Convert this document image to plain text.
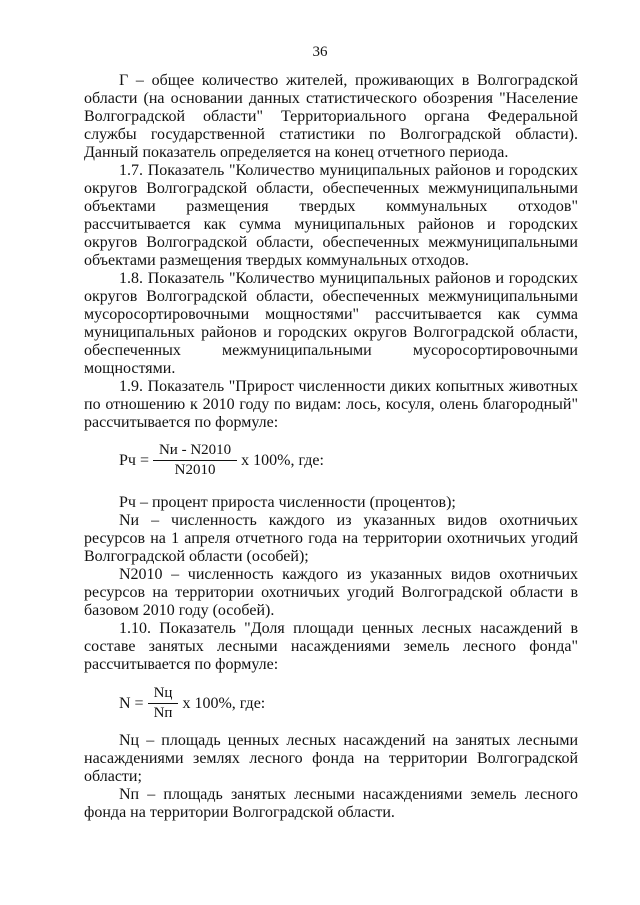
36

Г – общее количество жителей, проживающих в Волгоградской области (на основании данных статистического обозрения "Население Волгоградской области" Территориального органа Федеральной службы государственной статистики по Волгоградской области). Данный показатель определяется на конец отчетного периода.

1.7. Показатель "Количество муниципальных районов и городских округов Волгоградской области, обеспеченных межмуниципальными объектами размещения твердых коммунальных отходов" рассчитывается как сумма муниципальных районов и городских округов Волгоградской области, обеспеченных межмуниципальными объектами размещения твердых коммунальных отходов.

1.8. Показатель "Количество муниципальных районов и городских округов Волгоградской области, обеспеченных межмуниципальными мусоросортировочными мощностями" рассчитывается как сумма муниципальных районов и городских округов Волгоградской области, обеспеченных межмуниципальными мусоросортировочными мощностями.

1.9. Показатель "Прирост численности диких копытных животных по отношению к 2010 году по видам: лось, косуля, олень благородный" рассчитывается по формуле:

Рч = $\frac{Nи - N2010}{N2010}$ x 100%, где:

Рч – процент прироста численности (процентов);

Nи – численность каждого из указанных видов охотничьих ресурсов на 1 апреля отчетного года на территории охотничьих угодий Волгоградской области (особей);

N2010 – численность каждого из указанных видов охотничьих ресурсов на территории охотничьих угодий Волгоградской области в базовом 2010 году (особей).

1.10. Показатель "Доля площади ценных лесных насаждений в составе занятых лесными насаждениями земель лесного фонда" рассчитывается по формуле:

$N = \frac{Nц}{Nп}$ x 100%, где:

Nц – площадь ценных лесных насаждений на занятых лесными насаждениями землях лесного фонда на территории Волгоградской области;

Nп – площадь занятых лесными насаждениями земель лесного фонда на территории Волгоградской области.
